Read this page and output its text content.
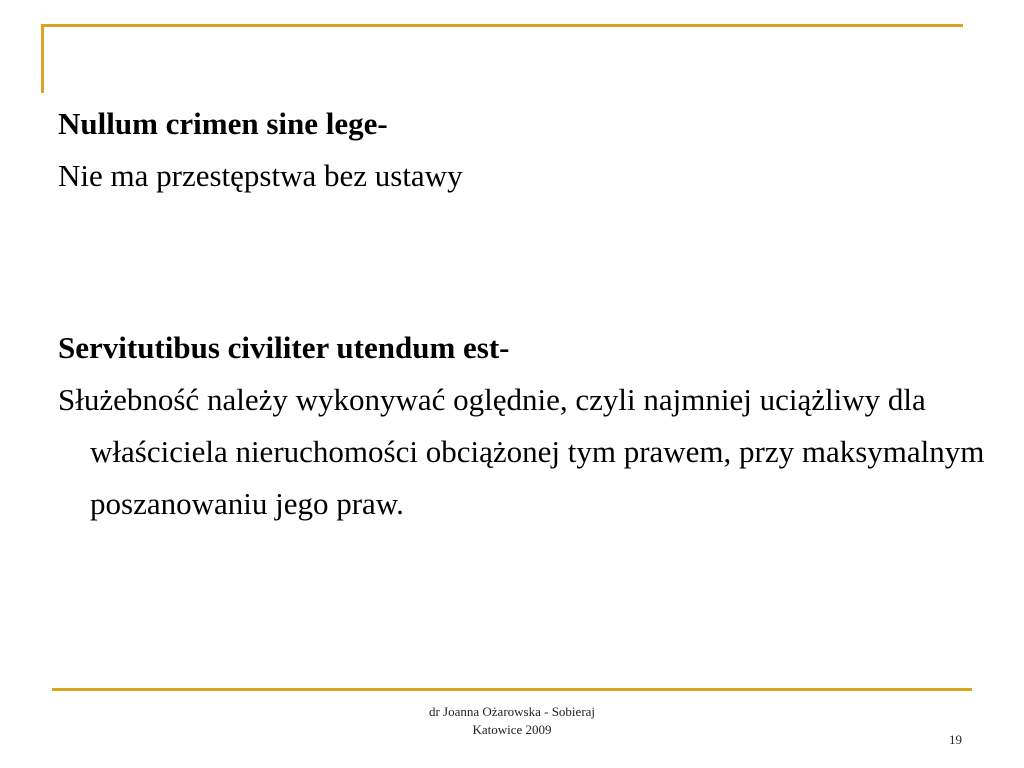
Nullum crimen sine lege-

Nie ma przestępstwa bez ustawy

Servitutibus civiliter utendum est-

Służebność należy wykonywać oględnie, czyli najmniej uciążliwy dla właściciela nieruchomości obciążonej tym prawem, przy maksymalnym poszanowaniu jego praw.

dr Joanna Ożarowska - Sobieraj
Katowice 2009
19
